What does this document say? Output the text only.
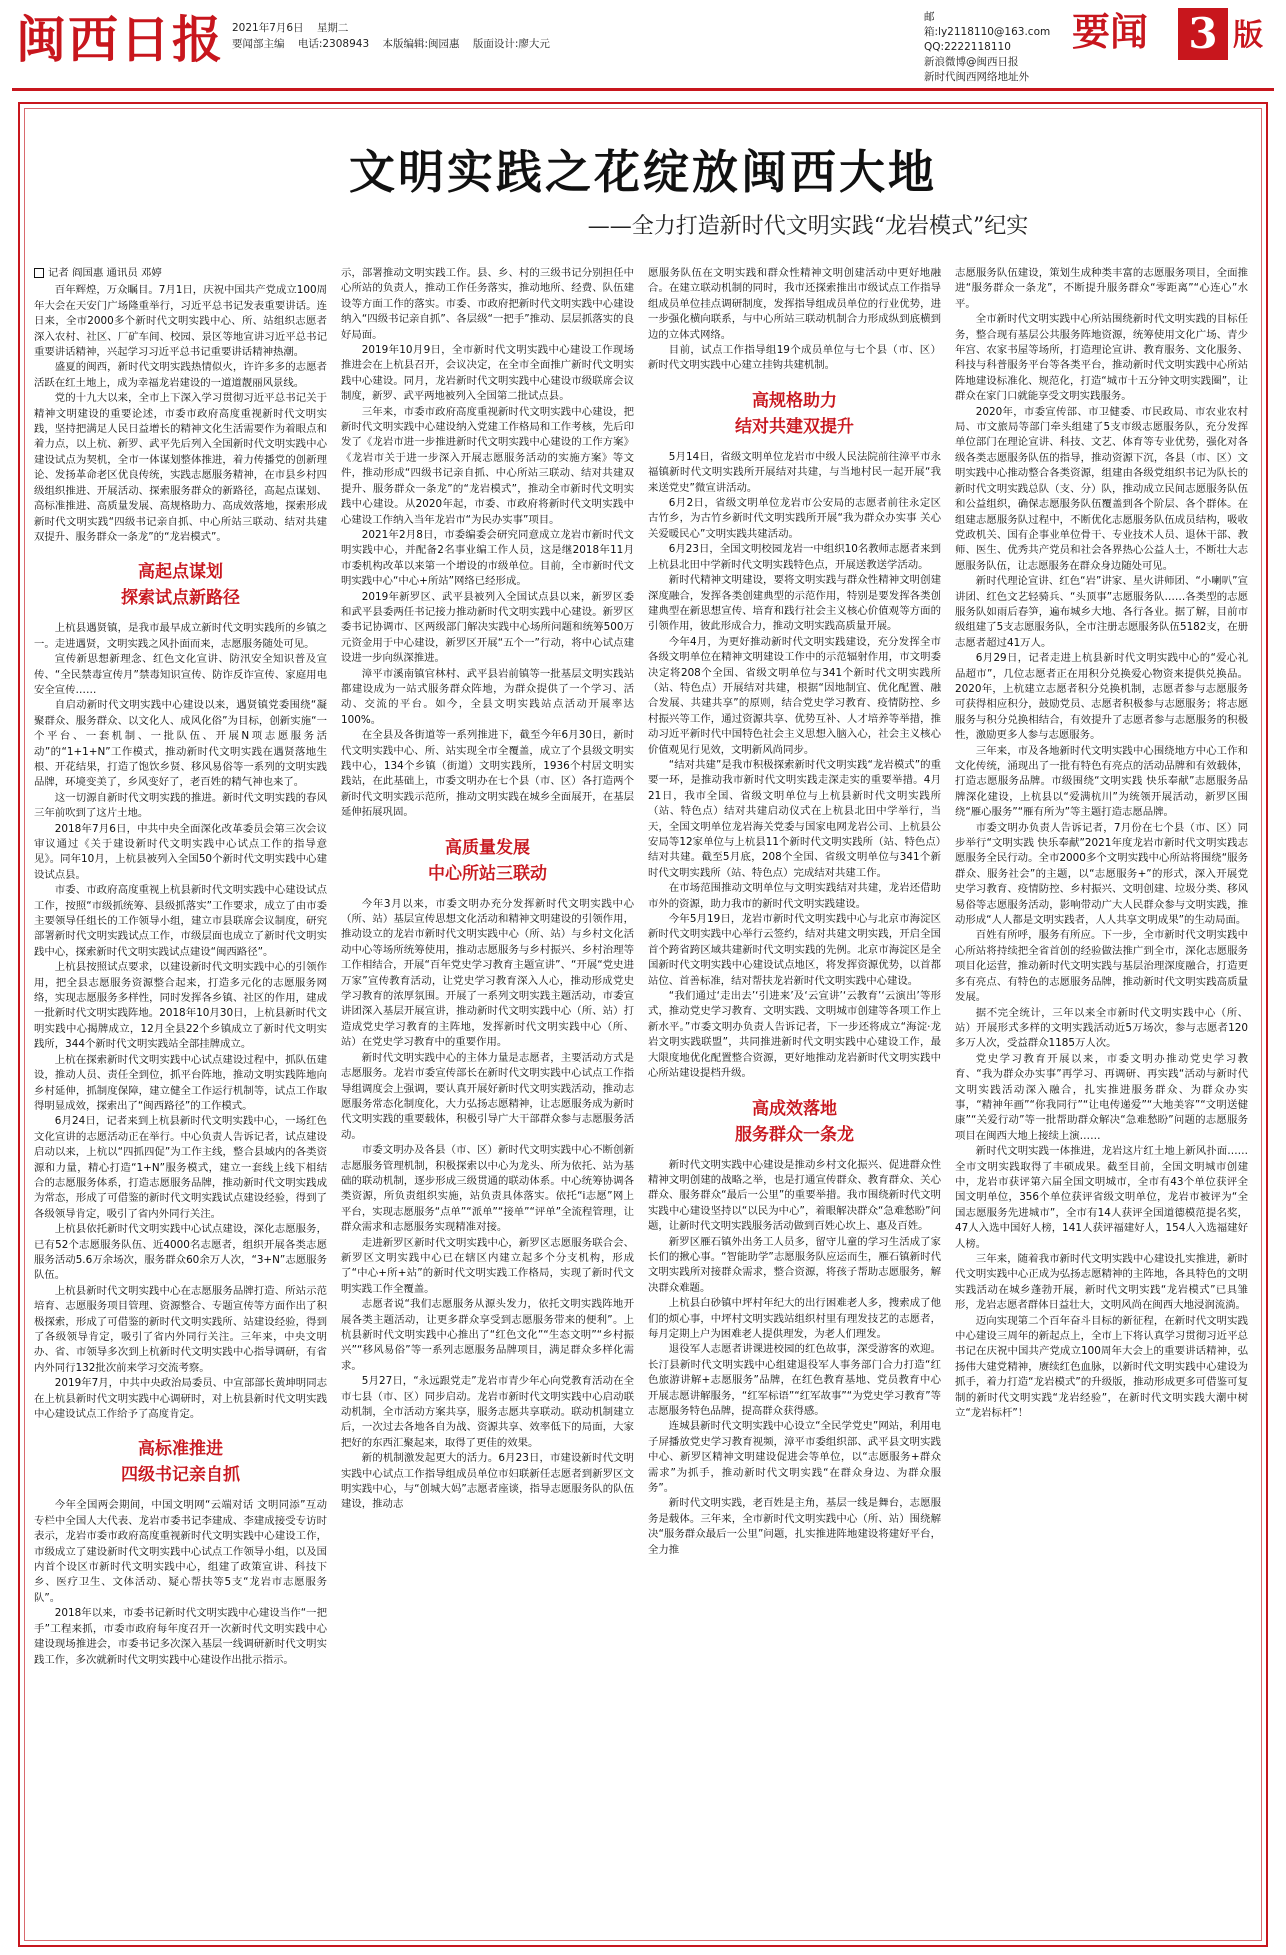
闽西日报 2021年7月6日 星期二
要闻部主编 电话:2308943 本版编辑:闽园惠 版面设计:廖大元
邮箱:ly2118110@163.com
QQ:2222118110
新浪微博@闽西日报
新时代闽西网络地址外
要闻 3 版
文明实践之花绽放闽西大地
——全力打造新时代文明实践“龙岩模式”纪实
记者 阎国惠 通讯员 邓婷

百年辉煌，万众瞩目。7月1日，庆祝中国共产党成立100周年大会在天安门广场隆重举行，习近平总书记发表重要讲话。连日来，全市2000多个新时代文明实践中心、所、站组织志愿者深入农村、社区、厂矿车间、校园、景区等地宣讲习近平总书记重要讲话精神，兴起学习习近平总书记重要讲话精神热潮。

盛夏的闽西，新时代文明实践热情似火，许许多多的志愿者活跃在红土地上，成为幸福龙岩建设的一道道靓丽风景线。

党的十九大以来，全市上下深入学习贯彻习近平总书记关于精神文明建设的重要论述，市委市政府高度重视新时代文明实践，坚持把满足人民日益增长的精神文化生活需要作为着眼点和着力点，以上杭、新罗、武平先后列入全国新时代文明实践中心建设试点为契机，全市一体谋划整体推进，着力传播党的创新理论、发扬革命老区优良传统，实践志愿服务精神，在市县乡村四级组织推进、开展活动、探索服务群众的新路径，高起点谋划、高标准推进、高质量发展、高规格助力、高成效落地，探索形成新时代文明实践“四级书记亲自抓、中心所站三联动、结对共建双提升、服务群众一条龙”的“龙岩模式”。

高起点谋划
探索试点新路径

上杭县遇贤镇，是我市最早成立新时代文明实践所的乡镇之一。走进遇贤，文明实践之风扑面而来，志愿服务随处可见。

宣传新思想新理念、红色文化宣讲、防汛安全知识普及宣传、“全民禁毒宣传月”禁毒知识宣传、防诈反诈宣传、家庭用电安全宣传……

自启动新时代文明实践中心建设以来，遇贤镇党委围绕“凝聚群众、服务群众、以文化人、成风化俗”为目标，创新实施“一个平台、一套机制、一批队伍、开展N项志愿服务活动”的“1+1+N”工作模式，推动新时代文明实践在遇贤落地生根、开花结果，打造了饱饮乡贤、移风易俗等一系列的文明实践品牌，环境变美了，乡风变好了，老百姓的精气神也来了。

这一切源自新时代文明实践的推进。新时代文明实践的春风三年前吹到了这片土地。

2018年7月6日，中共中央全面深化改革委员会第三次会议审议通过《关于建设新时代文明实践中心试点工作的指导意见》。同年10月，上杭县被列入全国50个新时代文明实践中心建设试点县。

市委、市政府高度重视上杭县新时代文明实践中心建设试点工作，按照“市级抓统筹、县级抓落实”工作要求，成立了由市委主要领导任组长的工作领导小组，建立市县联席会议制度，研究部署新时代文明实践试点工作，市级层面也成立了新时代文明实践中心，探索新时代文明实践试点建设“闽西路径”。

上杭县按照试点要求，以建设新时代文明实践中心的引领作用，把全县志愿服务资源整合起来，打造多元化的志愿服务网络，实现志愿服务多样性，同时发挥各乡镇、社区的作用，建成一批新时代文明实践阵地。2018年10月30日，上杭县新时代文明实践中心揭牌成立，12月全县22个乡镇成立了新时代文明实践所，344个新时代文明实践站全部挂牌成立。

上杭在探索新时代文明实践中心试点建设过程中，抓队伍建设，推动人员、责任全到位，抓平台阵地，推动文明实践阵地向乡村延伸，抓制度保障，建立健全工作运行机制等，试点工作取得明显成效，探索出了“闽西路径”的工作模式。

6月24日，记者来到上杭县新时代文明实践中心，一场红色文化宣讲的志愿活动正在举行。中心负责人告诉记者，试点建设启动以来，上杭以“四抓四促”为工作主线，整合县域内的各类资源和力量，精心打造“1+N”服务模式，建立一套线上线下相结合的志愿服务体系，打造志愿服务品牌，推动新时代文明实践成为常态，形成了可借鉴的新时代文明实践试点建设经验，得到了各级领导肯定，吸引了省内外同行关注。

上杭县依托新时代文明实践中心试点建设，深化志愿服务，已有52个志愿服务队伍、近4000名志愿者，组织开展各类志愿服务活动5.6万余场次，服务群众60余万人次，“3+N”志愿服务队伍。

上杭县新时代文明实践中心在志愿服务品牌打造、所站示范培育、志愿服务项目管理、资源整合、专题宣传等方面作出了积极探索，形成了可借鉴的新时代文明实践所、站建设经验，得到了各级领导肯定，吸引了省内外同行关注。三年来，中央文明办、省、市领导多次到上杭新时代文明实践中心指导调研，有省内外同行132批次前来学习交流考察。

2019年7月，中共中央政治局委员、中宣部部长黄坤明同志在上杭县新时代文明实践中心调研时，对上杭县新时代文明实践中心建设试点工作给予了高度肯定。

高标准推进
四级书记亲自抓

今年全国两会期间，中国文明网“云端对话 文明同添”互动专栏中全国人大代表、龙岩市委书记李建成、李建成接受专访时表示，龙岩市委市政府高度重视新时代文明实践中心建设工作，市级成立了建设新时代文明实践中心试点工作领导小组，以及国内首个设区市新时代文明实践中心，组建了政策宣讲、科技下乡、医疗卫生、文体活动、疑心帮扶等5支“龙岩市志愿服务队”。

2018年以来，市委书记新时代文明实践中心建设当作“一把手”工程来抓，市委市政府每年度召开一次新时代文明实践中心建设现场推进会，市委书记多次深入基层一线调研新时代文明实践工作，多次就新时代文明实践中心建设作出批示指示。

示，部署推动文明实践工作。县、乡、村的三级书记分别担任中心所站的负责人，推动工作任务落实，推动地所、经费、队伍建设等方面工作的落实。市委、市政府把新时代文明实践中心建设纳入“四级书记亲自抓”、各层级“一把手”推动、层层抓落实的良好局面。

2019年10月9日，全市新时代文明实践中心建设工作现场推进会在上杭县召开，会议决定，在全市全面推广新时代文明实践中心建设。同月，龙岩新时代文明实践中心建设市级联席会议制度，新罗、武平两地被列入全国第二批试点县。

三年来，市委市政府高度重视新时代文明实践中心建设，把新时代文明实践中心建设纳入党建工作格局和工作考核，先后印发了《龙岩市进一步推进新时代文明实践中心建设的工作方案》《龙岩市关于进一步深入开展志愿服务活动的实施方案》等文件，推动形成“四级书记亲自抓、中心所站三联动、结对共建双提升、服务群众一条龙”的“龙岩模式”，推动全市新时代文明实践中心建设。从2020年起，市委、市政府将新时代文明实践中心建设工作纳入当年龙岩市“为民办实事”项目。

2021年2月8日，市委编委会研究同意成立龙岩市新时代文明实践中心，并配备2名事业编工作人员，这是继2018年11月市委机构改革以来第一个增设的市级单位。目前，全市新时代文明实践中心“中心+所站”网络已经形成。

2019年新罗区、武平县被列入全国试点县以来，新罗区委和武平县委两任书记接力推动新时代文明实践中心建设。新罗区委书记协调市、区两级部门解决实践中心场所问题和统筹500万元资金用于中心建设，新罗区开展“五个一”行动，将中心试点建设进一步向纵深推进。

漳平市溪南镇官林村、武平县岩前镇等一批基层文明实践站都建设成为一站式服务群众阵地，为群众提供了一个学习、活动、交流的平台。如今，全县文明实践站点活动开展率达100%。

在全县及各街道等一系列推进下，截至今年6月30日，新时代文明实践中心、所、站实现全市全覆盖，成立了个县级文明实践中心，134个乡镇（街道）文明实践所，1936个村居文明实践站，在此基础上，市委文明办在七个县（市、区）各打造两个新时代文明实践示范所，推动文明实践在城乡全面展开，在基层延伸拓展巩固。

高质量发展
中心所站三联动

今年3月以来，市委文明办充分发挥新时代文明实践中心（所、站）基层宣传思想文化活动和精神文明建设的引领作用，推动设立的龙岩市新时代文明实践中心（所、站）与乡村文化活动中心等场所统筹使用，推动志愿服务与乡村振兴、乡村治理等工作相结合，开展“百年党史学习教育主题宣讲”、“开展“党史进万家”宣传教育活动，让党史学习教育深入人心，推动形成党史学习教育的浓厚氛围。开展了一系列文明实践主题活动，市委宣讲团深入基层开展宣讲，推动新时代文明实践中心（所、站）打造成党史学习教育的主阵地，发挥新时代文明实践中心（所、站）在党史学习教育中的重要作用。

新时代文明实践中心的主体力量是志愿者，主要活动方式是志愿服务。龙岩市委宣传部长在新时代文明实践中心试点工作指导组调度会上强调，要认真开展好新时代文明实践活动，推动志愿服务常态化制度化，大力弘扬志愿精神，让志愿服务成为新时代文明实践的重要载体，积极引导广大干部群众参与志愿服务活动。

市委文明办及各县（市、区）新时代文明实践中心不断创新志愿服务管理机制，积极探索以中心为龙头、所为依托、站为基础的联动机制，逐步形成三级贯通的联动体系。中心统筹协调各类资源，所负责组织实施，站负责具体落实。依托“i志愿”网上平台，实现志愿服务“点单”“派单”“接单”“评单”全流程管理，让群众需求和志愿服务实现精准对接。

走进新罗区新时代文明实践中心，新罗区志愿服务联合会、新罗区文明实践中心已在辖区内建立起多个分支机构，形成了“中心+所+站”的新时代文明实践工作格局，实现了新时代文明实践工作全覆盖。

志愿者说“我们志愿服务从源头发力，依托文明实践阵地开展各类主题活动，让更多群众享受到志愿服务带来的便利”。上杭县新时代文明实践中心推出了“红色文化”“生态文明”“乡村振兴”“移风易俗”等一系列志愿服务品牌项目，满足群众多样化需求。

5月27日，“永远跟党走”龙岩市青少年心向党教育活动在全市七县（市、区）同步启动。龙岩市新时代文明实践中心启动联动机制，全市活动方案共享，服务志愿共享联动。联动机制建立后，一次过去各地各自为战、资源共享、效率低下的局面，大家把好的东西汇聚起来，取得了更佳的效果。

新的机制激发起更大的活力。6月23日，市建设新时代文明实践中心试点工作指导组成员单位市妇联新任志愿者到新罗区文明实践中心，与“创城大妈”志愿者座谈，指导志愿服务队的队伍建设，推动志

愿服务队伍在文明实践和群众性精神文明创建活动中更好地融合。在建立联动机制的同时，我市还探索推出市级试点工作指导组成员单位挂点调研制度，发挥指导组成员单位的行业优势，进一步强化横向联系，与中心所站三联动机制合力形成纵到底横到边的立体式网络。

目前，试点工作指导组19个成员单位与七个县（市、区）新时代文明实践中心建立挂钩共建机制。

高规格助力
结对共建双提升

5月14日，省级文明单位龙岩市中级人民法院前往漳平市永福镇新时代文明实践所开展结对共建，与当地村民一起开展“我来送党史”微宣讲活动。

6月2日，省级文明单位龙岩市公安局的志愿者前往永定区古竹乡，为古竹乡新时代文明实践所开展“我为群众办实事 关心关爱暖民心”文明实践共建活动。

6月23日，全国文明校园龙岩一中组织10名教师志愿者来到上杭县北田中学新时代文明实践特色点，开展送教送学活动。

新时代精神文明建设，要将文明实践与群众性精神文明创建深度融合，发挥各类创建典型的示范作用，特别是要发挥各类创建典型在新思想宣传、培育和践行社会主义核心价值观等方面的引领作用，彼此形成合力，推动文明实践高质量开展。

今年4月，为更好推动新时代文明实践建设，充分发挥全市各级文明单位在精神文明建设工作中的示范辐射作用，市文明委决定将208个全国、省级文明单位与341个新时代文明实践所（站、特色点）开展结对共建，根据“因地制宜、优化配置、融合发展、共建共享”的原则，结合党史学习教育、疫情防控、乡村振兴等工作，通过资源共享、优势互补、人才培养等举措，推动习近平新时代中国特色社会主义思想入脑入心，社会主义核心价值观见行见效，文明新风尚同步。

“结对共建”是我市积极探索新时代文明实践“龙岩模式”的重要一环，是推动我市新时代文明实践走深走实的重要举措。4月21日，我市全国、省级文明单位与上杭县新时代文明实践所（站、特色点）结对共建启动仪式在上杭县北田中学举行，当天，全国文明单位龙岩海关党委与国家电网龙岩公司、上杭县公安局等12家单位与上杭县11个新时代文明实践所（站、特色点）结对共建。截至5月底，208个全国、省级文明单位与341个新时代文明实践所（站、特色点）完成结对共建工作。

在市场范围推动文明单位与文明实践结对共建，龙岩还借助市外的资源，助力我市的新时代文明实践建设。

今年5月19日，龙岩市新时代文明实践中心与北京市海淀区新时代文明实践中心举行云签约，结对共建文明实践，开启全国首个跨省跨区域共建新时代文明实践的先例。北京市海淀区是全国新时代文明实践中心建设试点地区，将发挥资源优势，以首都站位、首善标准，结对帮扶龙岩新时代文明实践中心建设。

“我们通过‘走出去’‘引进来’及‘云宣讲’‘云教育’‘云演出’等形式，推动党史学习教育、文明实践、文明城市创建等各项工作上新水平。”市委文明办负责人告诉记者，下一步还将成立“海淀·龙岩文明实践联盟”，共同推进新时代文明实践中心建设工作，最大限度地优化配置整合资源，更好地推动龙岩新时代文明实践中心所站建设提档升级。

高成效落地
服务群众一条龙

新时代文明实践中心建设是推动乡村文化振兴、促进群众性精神文明创建的战略之举，也是打通宣传群众、教育群众、关心群众、服务群众“最后一公里”的重要举措。我市围绕新时代文明实践中心建设坚持以“以民为中心”，着眼解决群众“急难愁盼”问题，让新时代文明实践服务活动做到百姓心坎上、惠及百姓。

新罗区雁石镇外出务工人员多，留守儿童的学习生活成了家长们的揪心事。“智能助学”志愿服务队应运而生，雁石镇新时代文明实践所对接群众需求，整合资源，将孩子帮助志愿服务，解决群众难题。

上杭县白砂镇中坪村年纪大的出行困难老人多，搜索成了他们的烦心事，中坪村文明实践站组织村里有理发技艺的志愿者，每月定期上户为困难老人提供理发，为老人们理发。

退役军人志愿者讲课进校园的红色故事，深受游客的欢迎。长汀县新时代文明实践中心组建退役军人事务部门合力打造“红色旅游讲解+志愿服务”品牌，在红色教育基地、党员教育中心开展志愿讲解服务，“红军标语”“红军故事”“为党史学习教育”等志愿服务特色品牌，提高群众获得感。

连城县新时代文明实践中心设立“全民学党史”网站，利用电子屏播放党史学习教育视频，漳平市委组织部、武平县文明实践中心、新罗区精神文明建设促进会等单位，以“志愿服务+群众需求”为抓手，推动新时代文明实践“在群众身边、为群众服务”。

新时代文明实践，老百姓是主角，基层一线是舞台，志愿服务是载体。三年来，全市新时代文明实践中心（所、站）围绕解决“服务群众最后一公里”问题，扎实推进阵地建设将建好平台，全力推

志愿服务队伍建设，策划生成种类丰富的志愿服务项目，全面推进“服务群众一条龙”，不断提升服务群众“零距离”“心连心”水平。

全市新时代文明实践中心所站围绕新时代文明实践的目标任务，整合现有基层公共服务阵地资源，统筹使用文化广场、青少年宫、农家书屋等场所，打造理论宣讲、教育服务、文化服务、科技与科普服务平台等各类平台，推动新时代文明实践中心所站阵地建设标准化、规范化，打造“城市十五分钟文明实践圈”，让群众在家门口就能享受文明实践服务。

2020年，市委宣传部、市卫健委、市民政局、市农业农村局、市文旅局等部门牵头组建了5支市级志愿服务队，充分发挥单位部门在理论宣讲、科技、文艺、体育等专业优势，强化对各级各类志愿服务队伍的指导，推动资源下沉，各县（市、区）文明实践中心推动整合各类资源，组建由各级党组织书记为队长的新时代文明实践总队（支、分）队，推动成立民间志愿服务队伍和公益组织，确保志愿服务队伍覆盖到各个阶层、各个群体。在组建志愿服务队过程中，不断优化志愿服务队伍成员结构，吸收党政机关、国有企事业单位骨干、专业技术人员、退休干部、教师、医生、优秀共产党员和社会各界热心公益人士，不断壮大志愿服务队伍，让志愿服务在群众身边随处可见。

新时代理论宣讲、红色“岩”讲家、星火讲师团、“小喇叭”宣讲团、红色文艺轻骑兵、“头顶事”志愿服务队……各类型的志愿服务队如雨后春笋，遍布城乡大地、各行各业。据了解，目前市级组建了5支志愿服务队，全市注册志愿服务队伍5182支，在册志愿者超过41万人。

6月29日，记者走进上杭县新时代文明实践中心的“爱心礼品超市”，几位志愿者正在用积分兑换爱心物资来提供兑换品。2020年，上杭建立志愿者积分兑换机制，志愿者参与志愿服务可获得相应积分，鼓励党员、志愿者积极参与志愿服务；将志愿服务与积分兑换相结合，有效提升了志愿者参与志愿服务的积极性，激励更多人参与志愿服务。

三年来，市及各地新时代文明实践中心围绕地方中心工作和文化传统，涌现出了一批有特色有亮点的活动品牌和有效载体，打造志愿服务品牌。市级围绕“文明实践 快乐奉献”志愿服务品牌深化建设，上杭县以“爱满杭川”为统领开展活动，新罗区围绕“雁心服务”“雁有所为”等主题打造志愿品牌。

市委文明办负责人告诉记者，7月份在七个县（市、区）同步举行“文明实践 快乐奉献”2021年度龙岩市新时代文明实践志愿服务全民行动。全市2000多个文明实践中心所站将围绕“服务群众、服务社会”的主题，以“志愿服务+”的形式，深入开展党史学习教育、疫情防控、乡村振兴、文明创建、垃圾分类、移风易俗等志愿服务活动，影响带动广大人民群众参与文明实践，推动形成“人人都是文明实践者，人人共享文明成果”的生动局面。

百姓有所呼，服务有所应。下一步，全市新时代文明实践中心所站将持续把全省首创的经验做法推广到全市，深化志愿服务项目化运营，推动新时代文明实践与基层治理深度融合，打造更多有亮点、有特色的志愿服务品牌，推动新时代文明实践高质量发展。

据不完全统计，三年以来全市新时代文明实践中心（所、站）开展形式多样的文明实践活动近5万场次，参与志愿者120多万人次，受益群众1185万人次。

党史学习教育开展以来，市委文明办推动党史学习教育、“我为群众办实事”再学习、再调研、再实践“活动与新时代文明实践活动深入融合，扎实推进服务群众、为群众办实事，“精神年画”“你我同行”“让电传递爱”“大地美容”“文明送健康”“关爱行动”等一批帮助群众解决“急难愁盼”问题的志愿服务项目在闽西大地上接续上演……

新时代文明实践一体推进，龙岩这片红土地上新风扑面……全市文明实践取得了丰硕成果。截至目前，全国文明城市创建中，龙岩市获评第六届全国文明城市，全市有43个单位获评全国文明单位，356个单位获评省级文明单位，龙岩市被评为“全国志愿服务先进城市”，全市有14人获评全国道德模范提名奖，47人入选中国好人榜，141人获评福建好人，154人入选福建好人榜。

三年来，随着我市新时代文明实践中心建设扎实推进，新时代文明实践中心正成为弘扬志愿精神的主阵地，各具特色的文明实践活动在城乡蓬勃开展，新时代文明实践“龙岩模式”已具雏形，龙岩志愿者群体日益壮大，文明风尚在闽西大地浸润流淌。

迈向实现第二个百年奋斗目标的新征程，在新时代文明实践中心建设三周年的新起点上，全市上下将认真学习贯彻习近平总书记在庆祝中国共产党成立100周年大会上的重要讲话精神，弘扬伟大建党精神，赓续红色血脉，以新时代文明实践中心建设为抓手，着力打造“龙岩模式”的升级版，推动形成更多可借鉴可复制的新时代文明实践“龙岩经验”，在新时代文明实践大潮中树立“龙岩标杆”！
